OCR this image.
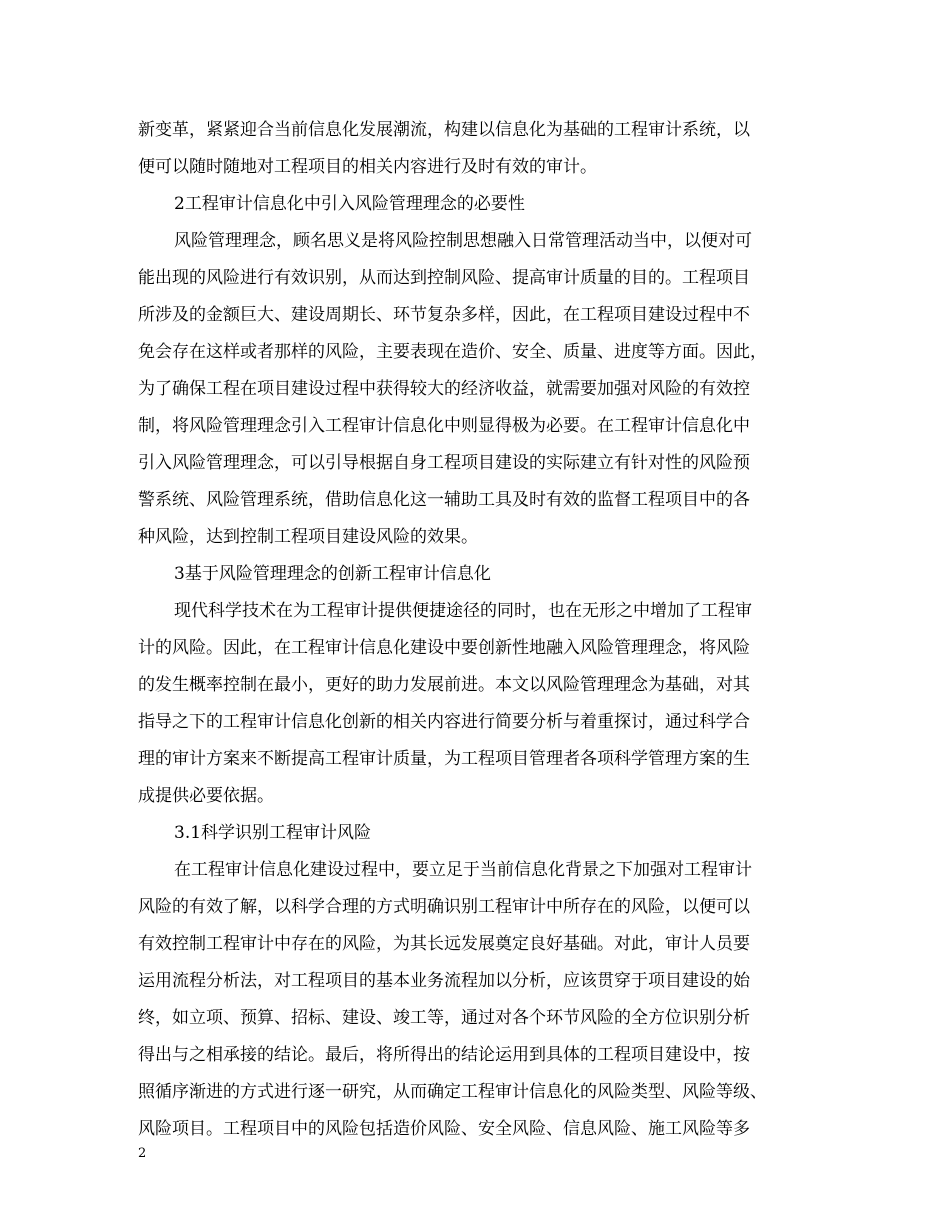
新变革，紧紧迎合当前信息化发展潮流，构建以信息化为基础的工程审计系统，以
便可以随时随地对工程项目的相关内容进行及时有效的审计。
2工程审计信息化中引入风险管理理念的必要性
风险管理理念，顾名思义是将风险控制思想融入日常管理活动当中，以便对可
能出现的风险进行有效识别，从而达到控制风险、提高审计质量的目的。工程项目
所涉及的金额巨大、建设周期长、环节复杂多样，因此，在工程项目建设过程中不
免会存在这样或者那样的风险，主要表现在造价、安全、质量、进度等方面。因此，
为了确保工程在项目建设过程中获得较大的经济收益，就需要加强对风险的有效控
制，将风险管理理念引入工程审计信息化中则显得极为必要。在工程审计信息化中
引入风险管理理念，可以引导根据自身工程项目建设的实际建立有针对性的风险预
警系统、风险管理系统，借助信息化这一辅助工具及时有效的监督工程项目中的各
种风险，达到控制工程项目建设风险的效果。
3基于风险管理理念的创新工程审计信息化
现代科学技术在为工程审计提供便捷途径的同时，也在无形之中增加了工程审
计的风险。因此，在工程审计信息化建设中要创新性地融入风险管理理念，将风险
的发生概率控制在最小，更好的助力发展前进。本文以风险管理理念为基础，对其
指导之下的工程审计信息化创新的相关内容进行简要分析与着重探讨，通过科学合
理的审计方案来不断提高工程审计质量，为工程项目管理者各项科学管理方案的生
成提供必要依据。
3.1科学识别工程审计风险
在工程审计信息化建设过程中，要立足于当前信息化背景之下加强对工程审计
风险的有效了解，以科学合理的方式明确识别工程审计中所存在的风险，以便可以
有效控制工程审计中存在的风险，为其长远发展奠定良好基础。对此，审计人员要
运用流程分析法，对工程项目的基本业务流程加以分析，应该贯穿于项目建设的始
终，如立项、预算、招标、建设、竣工等，通过对各个环节风险的全方位识别分析
得出与之相承接的结论。最后，将所得出的结论运用到具体的工程项目建设中，按
照循序渐进的方式进行逐一研究，从而确定工程审计信息化的风险类型、风险等级、
风险项目。工程项目中的风险包括造价风险、安全风险、信息风险、施工风险等多
2
